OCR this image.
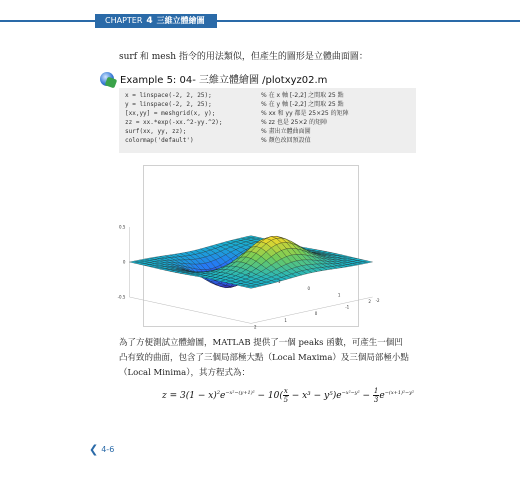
CHAPTER 4 三維立體繪圖
surf 和 mesh 指令的用法類似，但產生的圖形是立體曲面圖：
Example 5: 04- 三維立體繪圖 /plotxyz02.m
x = linspace(-2, 2, 25);	% 在 x 軸 [-2,2] 之間取 25 點
y = linspace(-2, 2, 25);	% 在 y 軸 [-2,2] 之間取 25 點
[xx,yy] = meshgrid(x, y);	% xx 和 yy 都是 25×25 的矩陣
zz = xx.*exp(-xx.^2-yy.^2);	% zz 也是 25×2 的矩陣
surf(xx, yy, zz);	% 畫出立體曲面圖
colormap('default')	% 顏色改回預設值
0.5
0
-0.5
-2
-1
0
1
2
2
1
0
-1
-2
為了方便測試立體繪圖，MATLAB 提供了一個 peaks 函數，可產生一個凹凸有致的曲面，包含了三個局部極大點（Local Maxima）及三個局部極小點（Local Minima），其方程式為：
$z = 3(1 - x)^2e^{-x^2-(y+1)^2} - 10( \frac{x}{5} - x^3 - y^5)e^{-x^2-y^2} - \frac{1}{3} e^{-(x+1)^2-y^2}$
❮ 4-6
